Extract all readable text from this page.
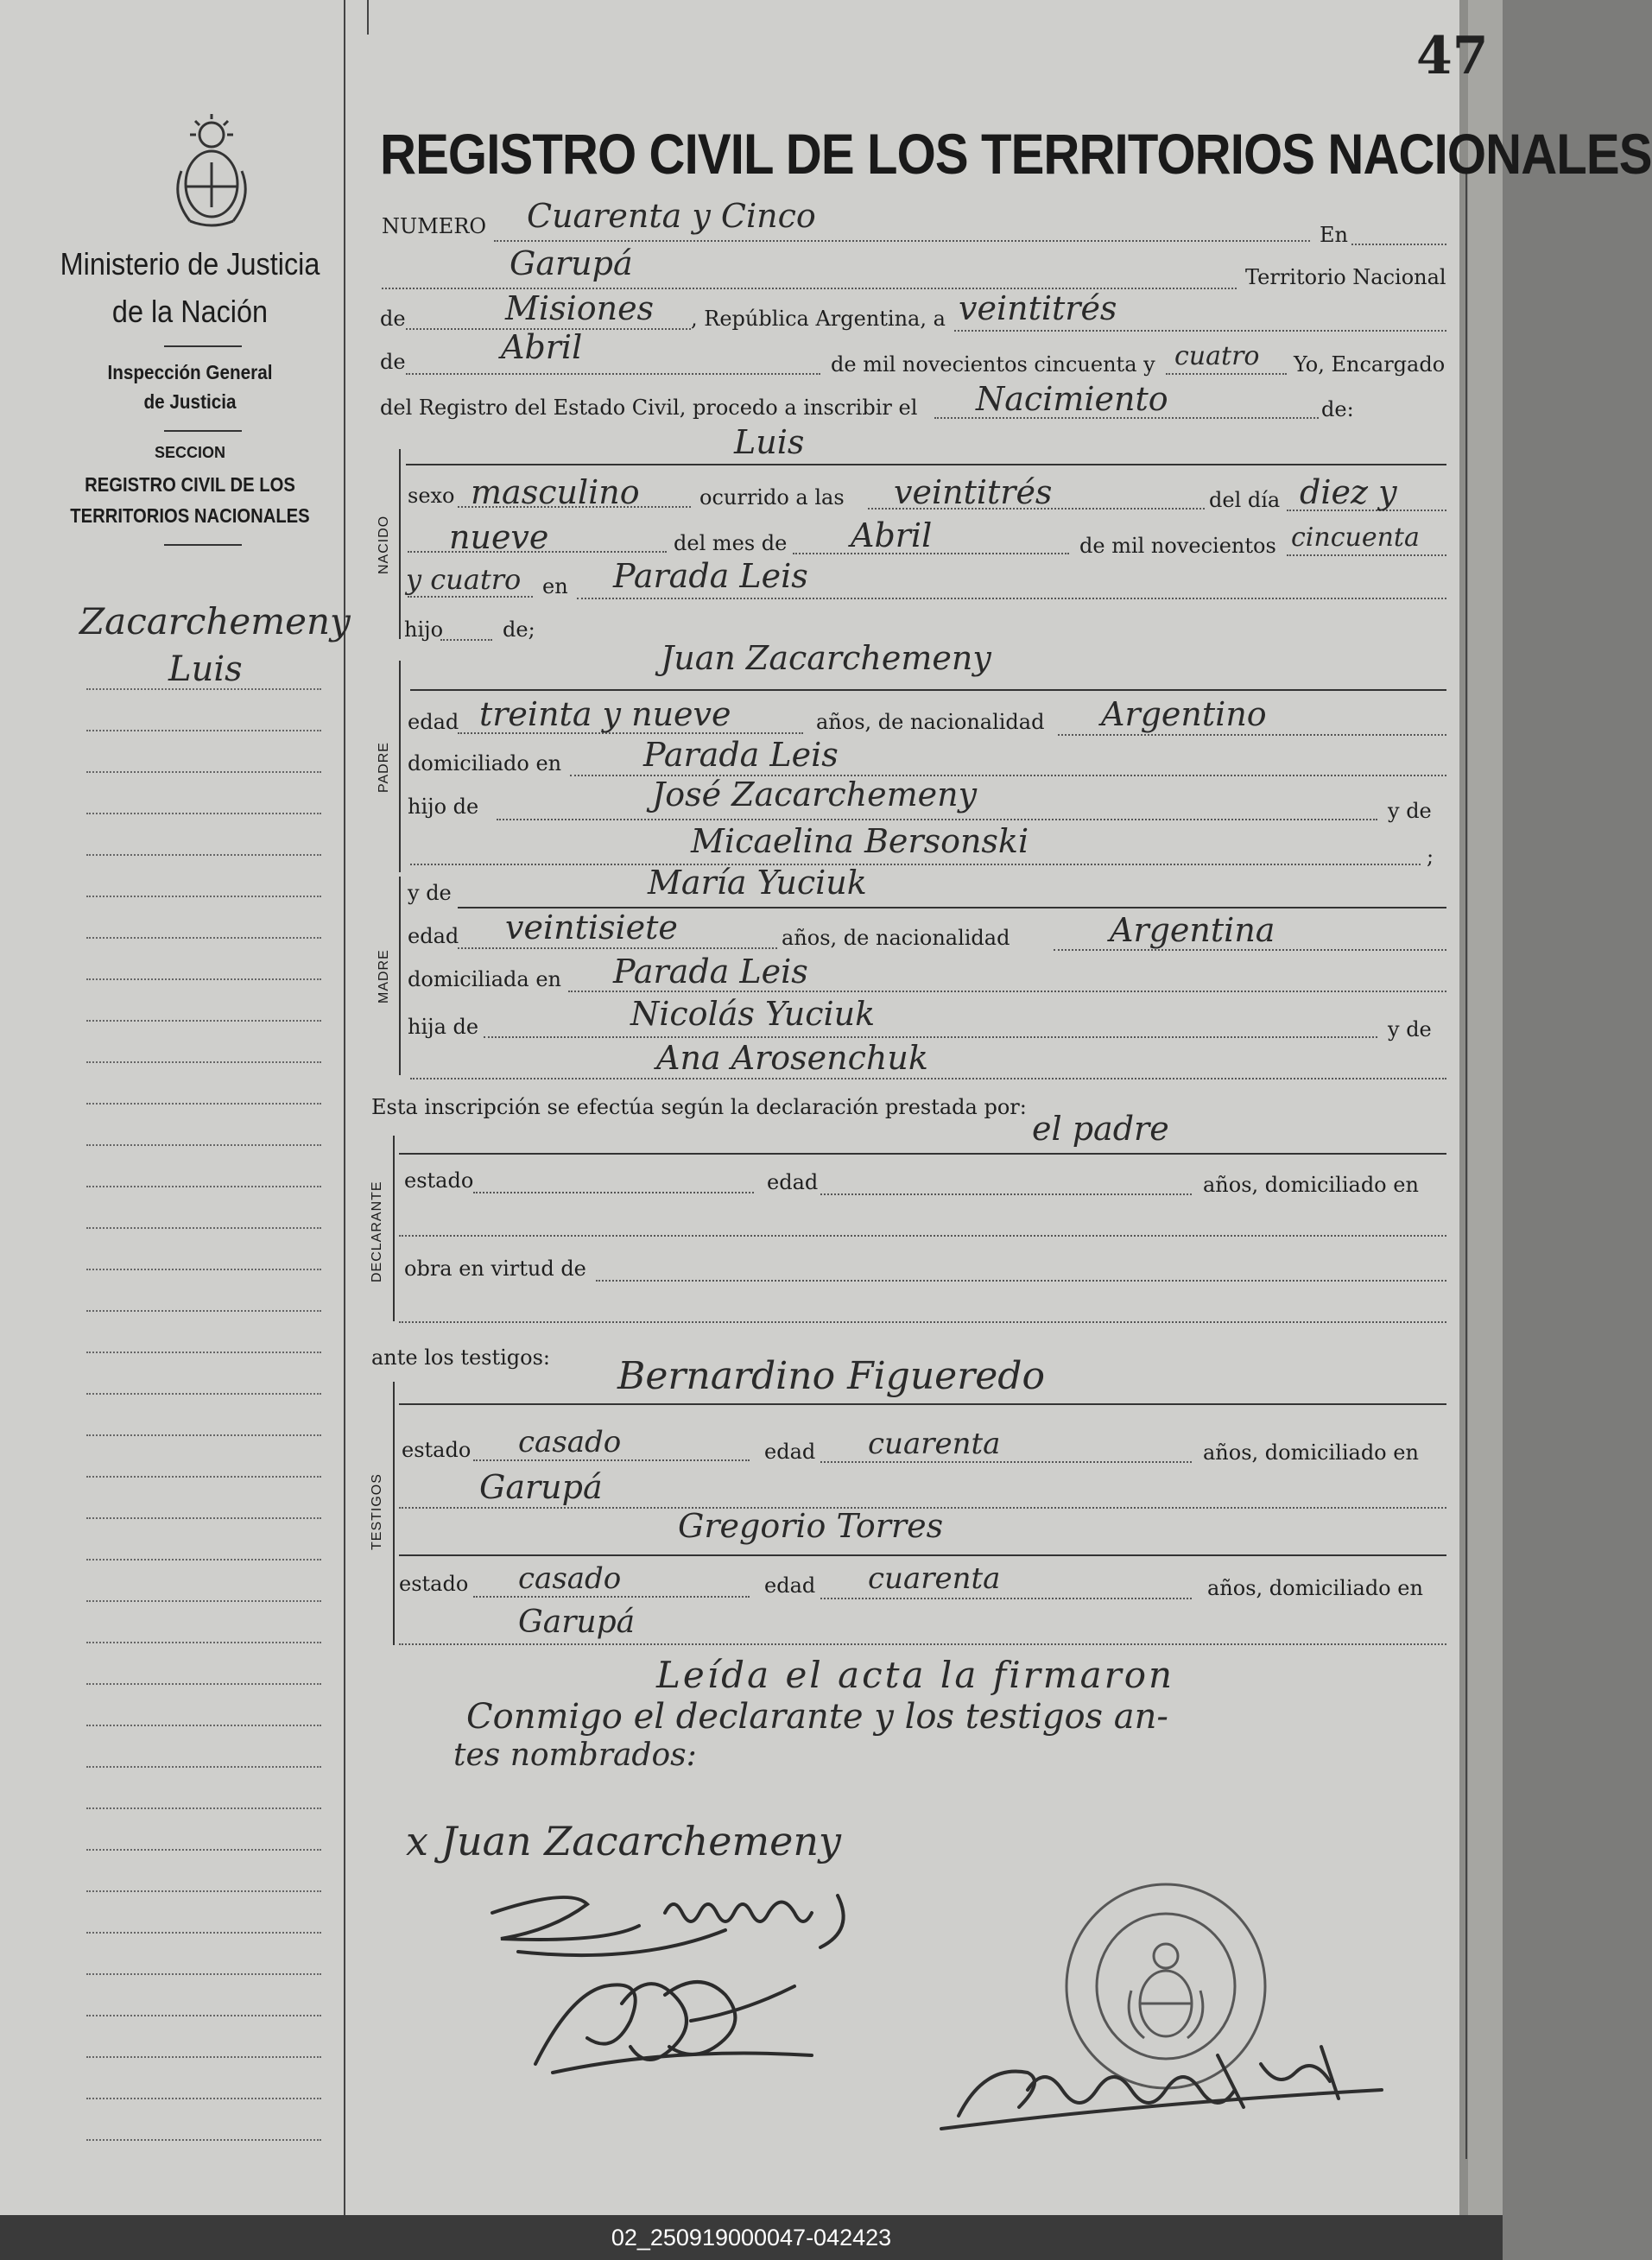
47
Ministerio de Justicia
de la Nación
Inspección General
de Justicia
SECCION
REGISTRO CIVIL DE LOS
TERRITORIOS NACIONALES
Zacarchemeny
Luis
REGISTRO CIVIL DE LOS TERRITORIOS NACIONALES
NUMERO Cuarenta y Cinco	En
Garupá	Territorio Nacional
de	Misiones , República Argentina, a veintitrés
de	Abril	de mil novecientos cincuenta y cuatro Yo, Encargado
del Registro del Estado Civil, procedo a inscribir el Nacimiento	de:
Luis
NACIDO
sexo masculino	ocurrido a las veintitrés	del día diez y
nueve	del mes de Abril	de mil novecientos cincuenta
y cuatro en Parada Leis
hijo	de;
PADRE
Juan Zacarchemeny
edad treinta y nueve	años, de nacionalidad Argentino
domiciliado en Parada Leis
hijo de	José Zacarchemeny	y de
Micaelina Bersonski	;
MADRE
y de	María Yuciuk
edad veintisiete	años, de nacionalidad	Argentina
domiciliada en Parada Leis
hija de	Nicolás Yuciuk	y de
Ana Arosenchuk
Esta inscripción se efectúa según la declaración prestada por:
el padre
DECLARANTE
estado	edad	años, domiciliado en
obra en virtud de
ante los testigos:
TESTIGOS
Bernardino Figueredo
estado casado	edad cuarenta	años, domiciliado en
Garupá
Gregorio Torres
estado casado	edad cuarenta	años, domiciliado en
Garupá
Leída el acta la firmaron
Conmigo el declarante y los testigos an-
tes nombrados:
x Juan Zacarchemeny
02_250919000047-042423
